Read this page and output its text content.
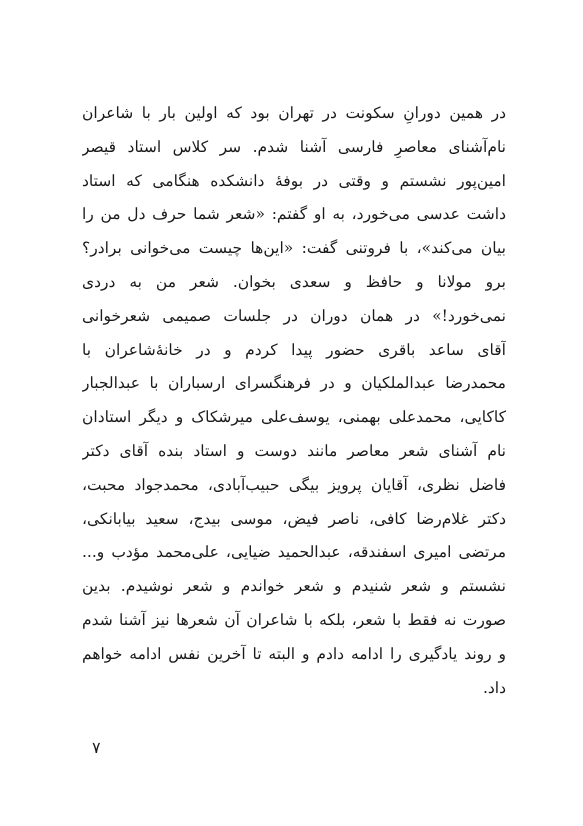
در همین دورانِ سکونت در تهران بود که اولین بار با شاعران
نام‌آشنای معاصرِ فارسی آشنا شدم. سر کلاس استاد قیصر
امین‌پور نشستم و وقتی در بوفهٔ دانشکده هنگامی که استاد
داشت عدسی می‌خورد، به او گفتم: «شعر شما حرف دل من را
بیان می‌کند»، با فروتنی گفت: «این‌ها چیست می‌خوانی برادر؟
برو مولانا و حافظ و سعدی بخوان. شعر من به دردی
نمی‌خورد!» در همان دوران در جلسات صمیمی شعرخوانی
آقای ساعد باقری حضور پیدا کردم و در خانهٔ‌شاعران با
محمدرضا عبدالملکیان و در فرهنگسرای ارسباران با عبدالجبار
کاکایی، محمدعلی بهمنی، یوسف‌علی میرشکاک و دیگر استادان
نام آشنای شعر معاصر مانند دوست و استاد بنده آقای دکتر
فاضل نظری، آقایان پرویز بیگی حبیب‌آبادی، محمدجواد محبت،
دکتر غلام‌رضا کافی، ناصر فیض، موسی بیدج، سعید بیابانکی،
مرتضی امیری اسفندقه، عبدالحمید ضیایی، علی‌محمد مؤدب و...
نشستم و شعر شنیدم و شعر خواندم و شعر نوشیدم. بدین
صورت نه فقط با شعر، بلکه با شاعران آن شعرها نیز آشنا شدم
و روند یادگیری را ادامه دادم و البته تا آخرین نفس ادامه خواهم
داد.
۷
